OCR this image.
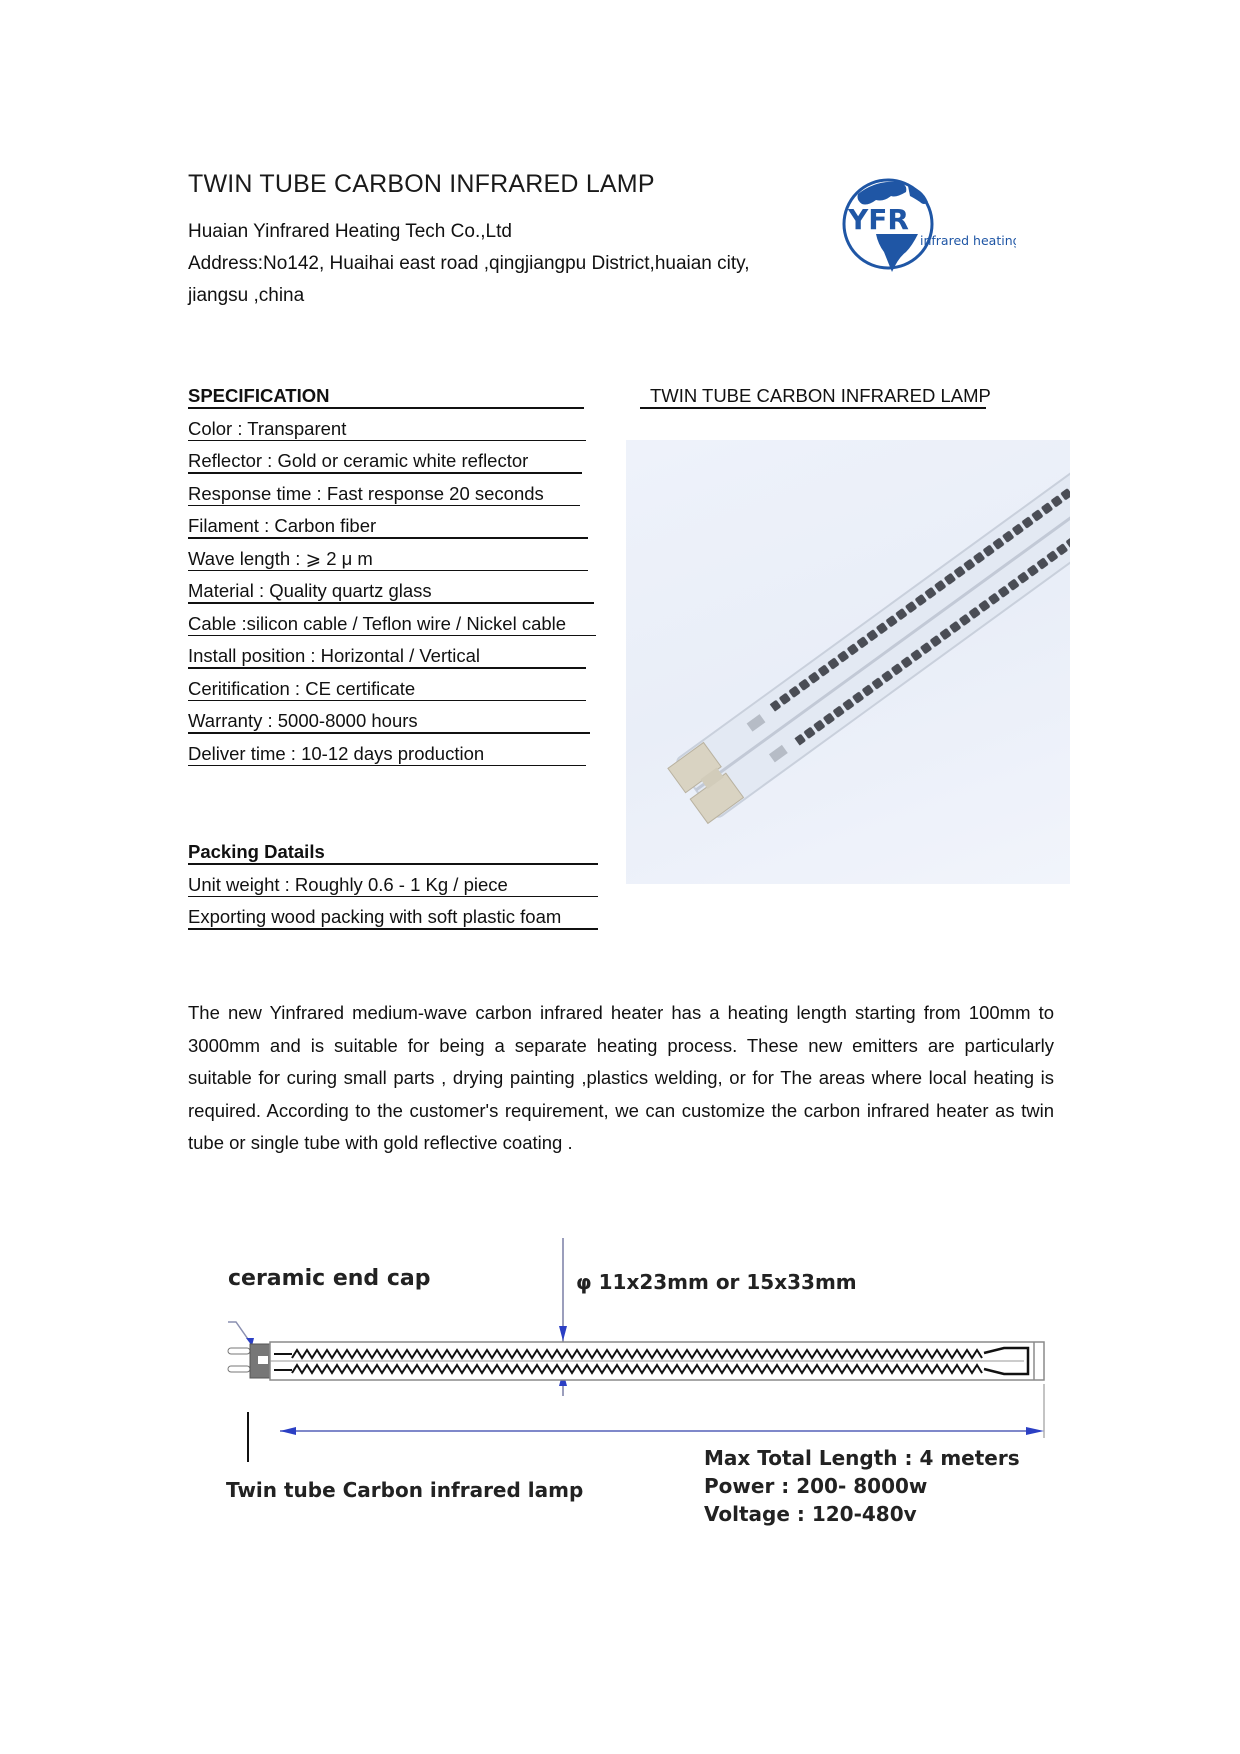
TWIN TUBE CARBON INFRARED LAMP
Huaian Yinfrared Heating Tech Co.,Ltd
Address:No142, Huaihai east road ,qingjiangpu District,huaian city,
jiangsu ,china
YFR
infrared heating
SPECIFICATION
Color : Transparent
Reflector : Gold or ceramic white reflector
Response time : Fast response 20 seconds
Filament : Carbon fiber
Wave length : ⩾ 2 μ m
Material : Quality quartz glass
Cable :silicon cable / Teflon wire / Nickel cable
Install position : Horizontal / Vertical
Ceritification : CE certificate
Warranty : 5000-8000 hours
Deliver time : 10-12 days production
Packing Datails
Unit weight : Roughly 0.6 - 1 Kg / piece
Exporting wood packing with soft plastic foam
TWIN TUBE CARBON INFRARED LAMP
The new Yinfrared medium-wave carbon infrared heater has a heating length starting from 100mm to 3000mm and is suitable for being a separate heating process. These new emitters are particularly suitable for curing small parts , drying painting ,plastics welding, or for The areas where local heating is required. According to the customer's requirement, we can customize the carbon infrared heater as twin tube or single tube with gold reflective coating .
ceramic end cap	φ 11x23mm or 15x33mm
Twin tube Carbon infrared lamp
Max Total Length : 4 meters
Power : 200- 8000w
Voltage : 120-480v
